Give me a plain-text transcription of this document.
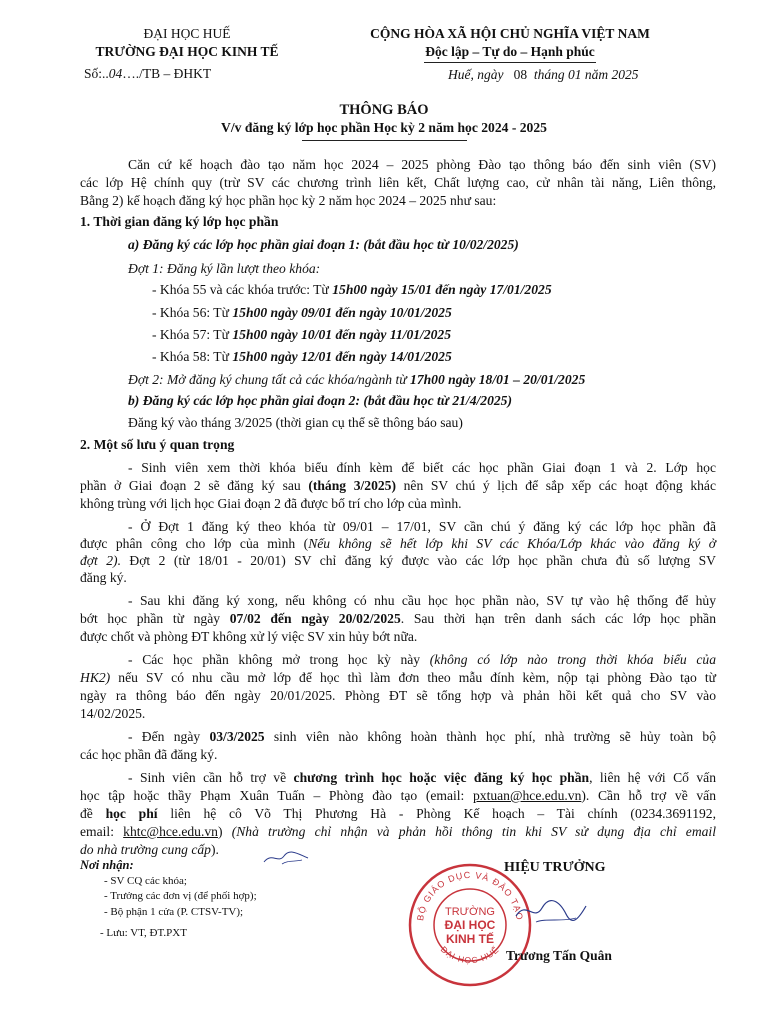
ĐẠI HỌC HUẾ
TRƯỜNG ĐẠI HỌC KINH TẾ
Số:..04…./TB – ĐHKT
CỘNG HÒA XÃ HỘI CHỦ NGHĨA VIỆT NAM
Độc lập – Tự do – Hạnh phúc
Huế, ngày 08 tháng 01 năm 2025
THÔNG BÁO
V/v đăng ký lớp học phần Học kỳ 2 năm học 2024 - 2025
Căn cứ kế hoạch đào tạo năm học 2024 – 2025 phòng Đào tạo thông báo đến sinh viên (SV)
các lớp Hệ chính quy (trừ SV các chương trình liên kết, Chất lượng cao, cử nhân tài năng, Liên thông,
Bằng 2) kế hoạch đăng ký học phần học kỳ 2 năm học 2024 – 2025 như sau:
1. Thời gian đăng ký lớp học phần
a) Đăng ký các lớp học phần giai đoạn 1: (bắt đầu học từ 10/02/2025)
Đợt 1: Đăng ký lần lượt theo khóa:
- Khóa 55 và các khóa trước: Từ 15h00 ngày 15/01 đến ngày 17/01/2025
- Khóa 56: Từ 15h00 ngày 09/01 đến ngày 10/01/2025
- Khóa 57: Từ 15h00 ngày 10/01 đến ngày 11/01/2025
- Khóa 58: Từ 15h00 ngày 12/01 đến ngày 14/01/2025
Đợt 2: Mở đăng ký chung tất cả các khóa/ngành từ 17h00 ngày 18/01 – 20/01/2025
b) Đăng ký các lớp học phần giai đoạn 2: (bắt đầu học từ 21/4/2025)
Đăng ký vào tháng 3/2025 (thời gian cụ thể sẽ thông báo sau)
2. Một số lưu ý quan trọng
- Sinh viên xem thời khóa biểu đính kèm để biết các học phần Giai đoạn 1 và 2. Lớp học
phần ở Giai đoạn 2 sẽ đăng ký sau (tháng 3/2025) nên SV chú ý lịch để sắp xếp các hoạt động khác
không trùng với lịch học Giai đoạn 2 đã được bố trí cho lớp của mình.
- Ở Đợt 1 đăng ký theo khóa từ 09/01 – 17/01, SV cần chú ý đăng ký các lớp học phần đã
được phân công cho lớp của mình (Nếu không sẽ hết lớp khi SV các Khóa/Lớp khác vào đăng ký ở
đợt 2). Đợt 2 (từ 18/01 - 20/01) SV chỉ đăng ký được vào các lớp học phần chưa đủ số lượng SV
đăng ký.
- Sau khi đăng ký xong, nếu không có nhu cầu học học phần nào, SV tự vào hệ thống để hủy
bớt học phần từ ngày 07/02 đến ngày 20/02/2025. Sau thời hạn trên danh sách các lớp học phần
được chốt và phòng ĐT không xử lý việc SV xin hủy bớt nữa.
- Các học phần không mở trong học kỳ này (không có lớp nào trong thời khóa biểu của
HK2) nếu SV có nhu cầu mở lớp để học thì làm đơn theo mẫu đính kèm, nộp tại phòng Đào tạo từ
ngày ra thông báo đến ngày 20/01/2025. Phòng ĐT sẽ tổng hợp và phản hồi kết quả cho SV vào
14/02/2025.
- Đến ngày 03/3/2025 sinh viên nào không hoàn thành học phí, nhà trường sẽ hủy toàn bộ
các học phần đã đăng ký.
- Sinh viên cần hỗ trợ về chương trình học hoặc việc đăng ký học phần, liên hệ với Cố vấn
học tập hoặc thầy Phạm Xuân Tuấn – Phòng đào tạo (email: pxtuan@hce.edu.vn). Cần hỗ trợ về vấn
đề học phí liên hệ cô Võ Thị Phương Hà - Phòng Kế hoạch – Tài chính (0234.3691192,
email: khtc@hce.edu.vn) (Nhà trường chỉ nhận và phản hồi thông tin khi SV sử dụng địa chỉ email
do nhà trường cung cấp).
Nơi nhận:
- SV CQ các khóa;
- Trưởng các đơn vị (để phối hợp);
- Bộ phận 1 cửa (P. CTSV-TV);
- Lưu: VT, ĐT.PXT
BỘ GIÁO DỤC VÀ ĐÀO TẠO
ĐẠI HỌC HUẾ
TRƯỜNG
ĐẠI HỌC
KINH TẾ
HIỆU TRƯỞNG
Trương Tấn Quân
